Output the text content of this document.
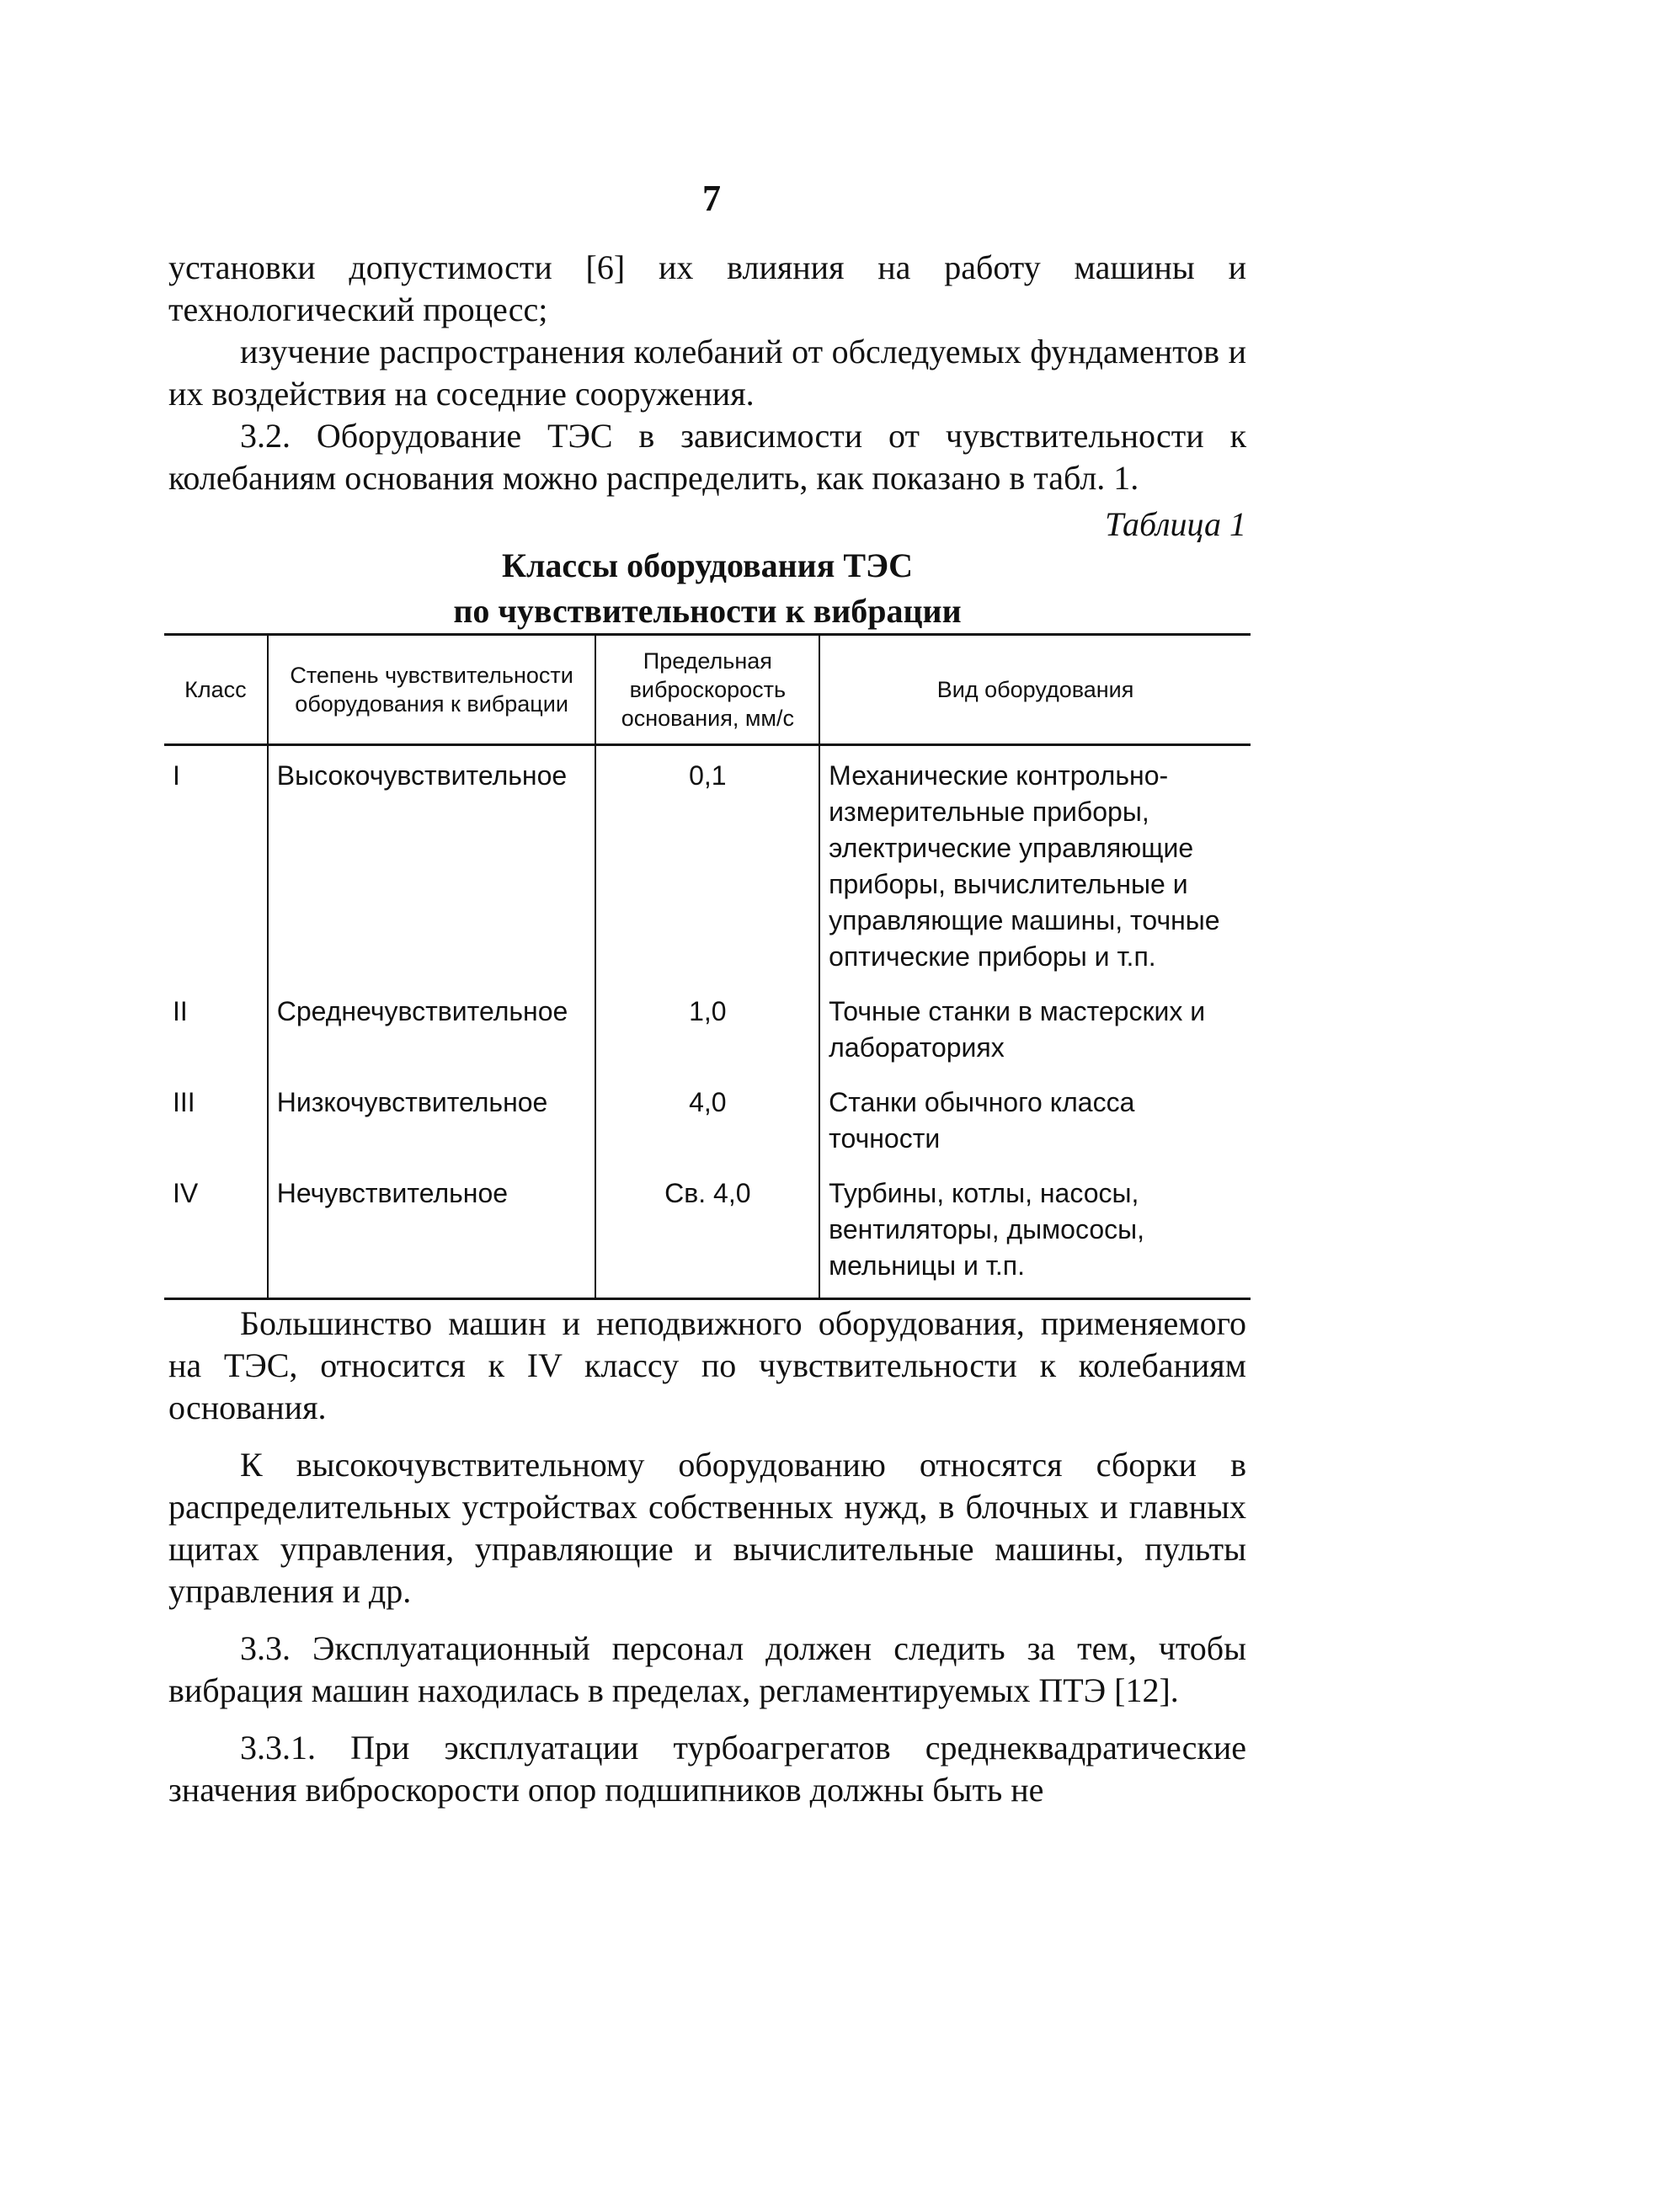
7

установки допустимости [6] их влияния на работу машины и технологический процесс;

изучение распространения колебаний от обследуемых фундаментов и их воздействия на соседние сооружения.

3.2. Оборудование ТЭС в зависимости от чувствительности к колебаниям основания можно распределить, как показано в табл. 1.

Таблица 1
Классы оборудования ТЭС
по чувствительности к вибрации
Класс	Степень чувствительности оборудования к вибрации	Предельная виброскорость основания, мм/с	Вид оборудования
I	Высокочувствительное	0,1	Механические контрольно-измерительные приборы, электрические управляющие приборы, вычислительные и управляющие машины, точные оптические приборы и т.п.
II	Среднечувствительное	1,0	Точные станки в мастерских и лабораториях
III	Низкочувствительное	4,0	Станки обычного класса точности
IV	Нечувствительное	Св. 4,0	Турбины, котлы, насосы, вентиляторы, дымососы, мельницы и т.п.

Большинство машин и неподвижного оборудования, применяемого на ТЭС, относится к IV классу по чувствительности к колебаниям основания.

К высокочувствительному оборудованию относятся сборки в распределительных устройствах собственных нужд, в блочных и главных щитах управления, управляющие и вычислительные машины, пульты управления и др.

3.3. Эксплуатационный персонал должен следить за тем, чтобы вибрация машин находилась в пределах, регламентируемых ПТЭ [12].

3.3.1. При эксплуатации турбоагрегатов среднеквадратические значения виброскорости опор подшипников должны быть не
